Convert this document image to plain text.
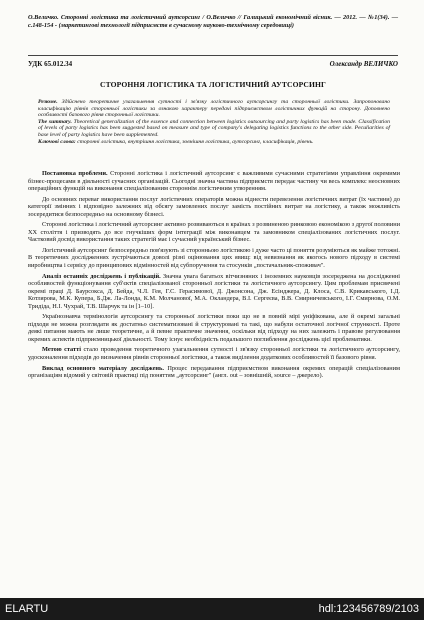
О.Величко. Сторонні логістика та логістичний аутсорсинг / О.Величко // Галицький економічний вісник. — 2012. — №1(34). — с.148-154 - (маркетингові технології підприємств в сучасному науково-технічному середовищі)
УДК 65.012.34	Олександр ВЕЛИЧКО
СТОРОННЯ ЛОГІСТИКА ТА ЛОГІСТИЧНИЙ АУТСОРСИНГ
Резюме. Здійснено теоретичне узагальнення сутності і зв'язку логістичного аутсорсингу та сторонньої логістики. Запропоновано класифікацію рівнів сторонньої логістики за ознакою характеру передачі підприємством логістичних функцій на сторону. Доповнено особливості базового рівня сторонньої логістики.
The summary. Theoretical generalization of the essence and connection between logistics outsourcing and party logistics has been made. Classification of levels of party logistics has been suggested based on measure and type of company's delegating logistics functions to the other side. Peculiarities of base level of party logistics have been supplemented.
Ключові слова: сторонні логістика, внутрішня логістика, зовнішня логістика, аутсорсинг, класифікація, рівень.

Постановка проблеми. Сторонні логістика і логістичний аутсорсинг є важливими сучасними стратегіями управління окремими бізнес-процесами в діяльності сучасних організацій. Сьогодні значна частина підприємств передає частину чи весь комплекс неосновних операційних функцій на виконання спеціалізованим стороннім логістичним утворенням.

До основних переваг використання послуг логістичних операторів можна віднести перевезення логістичних витрат (їх частини) до категорії змінних і відповідно залежних від обсягу замовлених послуг замість постійних витрат на логістику, а також можливість зосередитися безпосередньо на основному бізнесі.

Сторонні логістика і логістичний аутсорсинг активно розвиваються в країнах з розвиненою ринковою економікою з другої половини XX століття і призводять до все гнучкіших форм інтеграції між виконавцем та замовником спеціалізованих логістичних послуг. Частковий досвід використання таких стратегій має і сучасний український бізнес.

Логістичний аутсорсинг безпосередньо пов'язують зі сторонньою логістикою і дуже часто ці поняття розуміються як майже тотожні. В теоретичних дослідженнях зустрічаються доволі різні оцінювання цих явищ: від невизнання як якогось нового підходу в системі виробництва і сервісу до принципових відмінностей від субпоручення та стосунків „постачальник-споживач".

Аналіз останніх досліджень і публікацій. Значна увага багатьох вітчизняних і іноземних науковців зосереджена на дослідженні особливостей функціонування суб'єктів спеціалізованої сторонньої логістики та логістичного аутсорсингу. Цим проблемам присвячені окремі праці Д. Баурсокса, Д. Бейда, Ч.Л. Гея, Г.С. Герасимової, Д. Джонсона, Дж. Есінджера, Д. Клоса, С.В. Крикавського, І.Д. Котлярова, М.К. Купера, Б.Дж. Ла-Лонда, К.М. Молчанової, М.А. Окландера, В.І. Сергеєва, В.В. Смирничевського, І.Г. Смирнова, О.М. Тридіда, Н.І. Чухрай, Т.В. Шарчук та ін [1–10].

Українознавча термінологія аутсорсингу та сторонньої логістики поки що не в повній мірі уніфікована, але й окремі загальні підходи не можна розглядати як достатньо систематизовані й структуровані та такі, що набули остаточної логічної стрункості. Проте деякі питання мають не лише теоретичне, а й певне практичне значення, оскільки від підходу на них залежить і правове регулювання окремих аспектів підприємницької діяльності. Тому існує необхідність подальшого поглиблення досліджень цієї проблематики.

Метою статті стало проведення теоретичного узагальнення сутності і зв'язку сторонньої логістики та логістичного аутсорсингу, удосконалення підходів до визначення рівнів сторонньої логістики, а також виділення додаткових особливостей її базового рівня.

Виклад основного матеріалу досліджень. Процес передавання підприємством виконання окремих операцій спеціалізованим організаціям відомий у світовій практиці під поняттям „аутсорсинг" (англ. out – зовнішній, source – джерело).

ELARTU	hdl:123456789/2103
